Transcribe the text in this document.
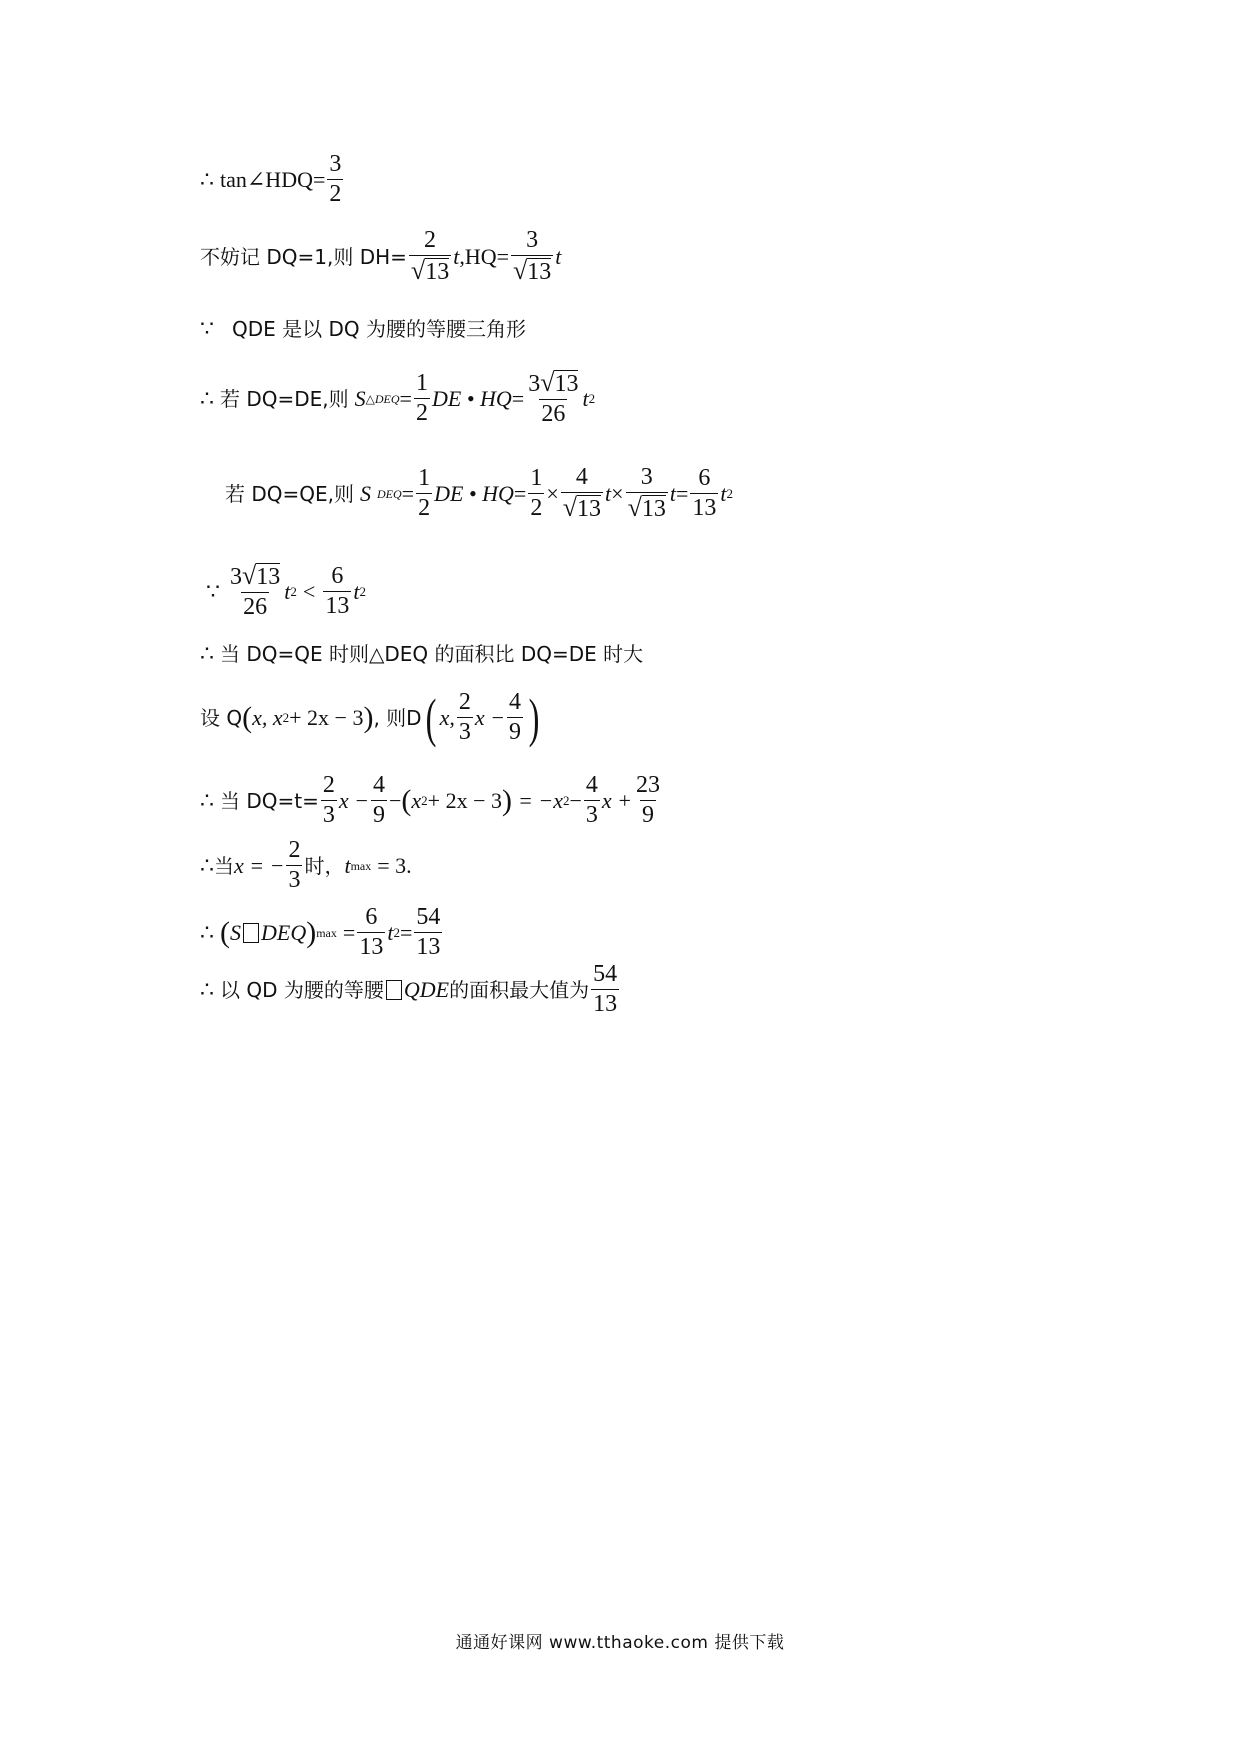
∴ tan∠HDQ= $\frac{3}{2}$
不妨记 DQ=1,则 $DH= \frac{2}{√ 13}$ t $,HQ= \frac{3}{√ 13}$ t
∵ QDE 是以 DQ 为腰的等腰三角形
∴ 若 DQ=DE,则 S △DEQ = $\frac{1}{2}$ DE • HQ = $\frac{3 √ 13}{26}$ t 2
若 DQ=QE,则 S DEQ = $\frac{1}{2}$ DE • HQ = $\frac{1}{2} \times \frac{4}{√ 13}$ $t \times \frac{3}{√ 13}$ $t = \frac{6}{13}$ t 2
∵ $\frac{3 √ 13}{26}$ t $2 < \frac{6}{13}$ t 2
∴ 当 DQ=QE 时则△DEQ 的面积比 DQ=DE 时大
设 Q ( x, x 2 + 2x − 3 ) , 则D ( x, $\frac{2}{3}$ $x - \frac{4}{9}$ )
∴ 当 $DQ=t= \frac{2}{3}$ $x - \frac{4}{9}$ − ( x 2 + 2x − 3 ) = −x $2 - \frac{4}{3}$ $x + \frac{23}{9}$
∴ 当 x = − $\frac{2}{3}$ 时， t max = 3.
∴ ( S DEQ ) $\max = \frac{6}{13}$ t $2 = \frac{54}{13}$
∴ 以 QD 为腰的等腰 QDE 的面积最大值为 $\frac{54}{13}$
通通好课网 www.tthaoke.com 提供下载
